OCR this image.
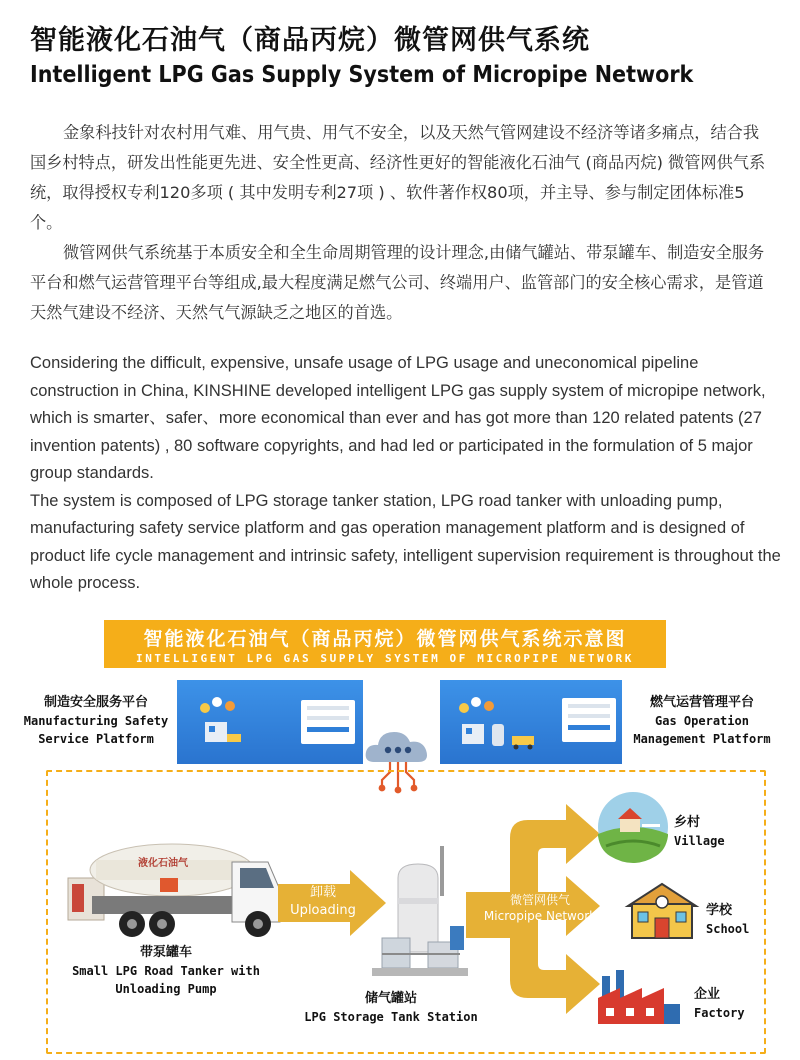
智能液化石油气（商品丙烷）微管网供气系统
Intelligent LPG Gas Supply System of Micropipe Network

金象科技针对农村用气难、用气贵、用气不安全，以及天然气管网建设不经济等诸多痛点，结合我国乡村特点，研发出性能更先进、安全性更高、经济性更好的智能液化石油气 (商品丙烷) 微管网供气系统，取得授权专利120多项 ( 其中发明专利27项 ) 、软件著作权80项，并主导、参与制定团体标准5个。

微管网供气系统基于本质安全和全生命周期管理的设计理念,由储气罐站、带泵罐车、制造安全服务平台和燃气运营管理平台等组成,最大程度满足燃气公司、终端用户、监管部门的安全核心需求，是管道天然气建设不经济、天然气气源缺乏之地区的首选。

Considering the difficult, expensive, unsafe usage of LPG usage and uneconomical pipeline construction in China, KINSHINE developed intelligent LPG gas supply system of micropipe network, which is smarter、safer、more economical than ever and has got more than 120 related patents (27 invention patents) , 80 software copyrights, and had led or participated in the formulation of 5 major group standards.

The system is composed of LPG storage tanker station, LPG road tanker with unloading pump, manufacturing safety service platform and gas operation management platform and is designed of product life cycle management and intrinsic safety, intelligent supervision requirement is throughout the whole process.

智能液化石油气（商品丙烷）微管网供气系统示意图
INTELLIGENT LPG GAS SUPPLY SYSTEM OF MICROPIPE NETWORK
制造安全服务平台
Manufacturing Safety
Service Platform
燃气运营管理平台
Gas Operation
Management Platform
液化石油气
带泵罐车
Small LPG Road Tanker with
Unloading Pump
卸载
Uploading
储气罐站
LPG Storage Tank Station
微管网供气
Micropipe Network
乡村
Village
学校
School
企业
Factory
